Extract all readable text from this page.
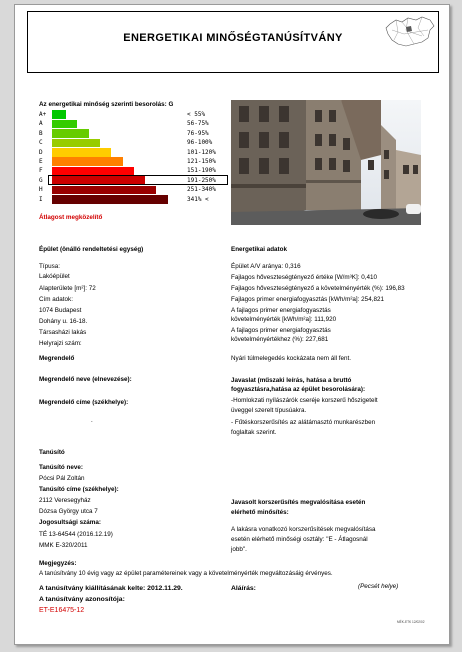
ENERGETIKAI MINŐSÉGTANÚSÍTVÁNY
Az energetikai minőség szerinti besorolás: G
A+	< 55%
A	56-75%
B	76-95%
C	96-100%
D	101-120%
E	121-150%
F	151-190%
G	191-250%
H	251-340%
I	341% <
Átlagost megközelítő
Épület (önálló rendeltetési egység)
Típusa:
Lakóépület
Alapterülete [m²]: 72
Cím adatok:
1074 Budapest
Dohány u. 16-18.
Társasházi lakás
Helyrajzi szám:
Energetikai adatok
Épület A/V aránya: 0,316
Fajlagos hőveszteségtényező értéke [W/m³K]: 0,410
Fajlagos hőveszteségtényező a követelményérték (%): 196,83
Fajlagos primer energiafogyasztás [kWh/m²a]: 254,821
A fajlagos primer energiafogyasztás
követelményérték [kWh/m²a]: 111,920
A fajlagos primer energiafogyasztás
követelményértékhez (%): 227,681
Nyári túlmelegedés kockázata nem áll fent.
Megrendelő
Megrendelő neve (elnevezése):
Megrendelő címe (székhelye):
.
Javaslat (műszaki leírás, hatása a bruttó
fogyasztásra,hatása az épület besorolására):
-Homlokzati nyílászárók cseréje korszerű hőszigetelt
üveggel szerelt típusúakra.
- Fűtéskorszerűsítés az alátámasztó munkarészben
foglaltak szerint.
Tanúsító
Tanúsító neve:
Pócsi Pál Zoltán
Tanúsító címe (székhelye):
2112 Veresegyház
Dózsa György utca 7
Jogosultsági száma:
TÉ 13-64544 (2016.12.19)
MMK E-320/2011
Javasolt korszerűsítés megvalósítása esetén
elérhető minősítés:
A lakásra vonatkozó korszerűsítések megvalósítása
esetén elérhető minőségi osztály: "E - Átlagosnál
jobb".
Megjegyzés:
A tanúsítvány 10 évig vagy az épület paramétereinek vagy a követelményérték megváltozásáig érvényes.
A tanúsítvány kiállításának kelte: 2012.11.29.	Aláírás:	(Pecsét helye)
A tanúsítvány azonosítója:
ET-E16475-12
MÉK-ETK 12/02/02
